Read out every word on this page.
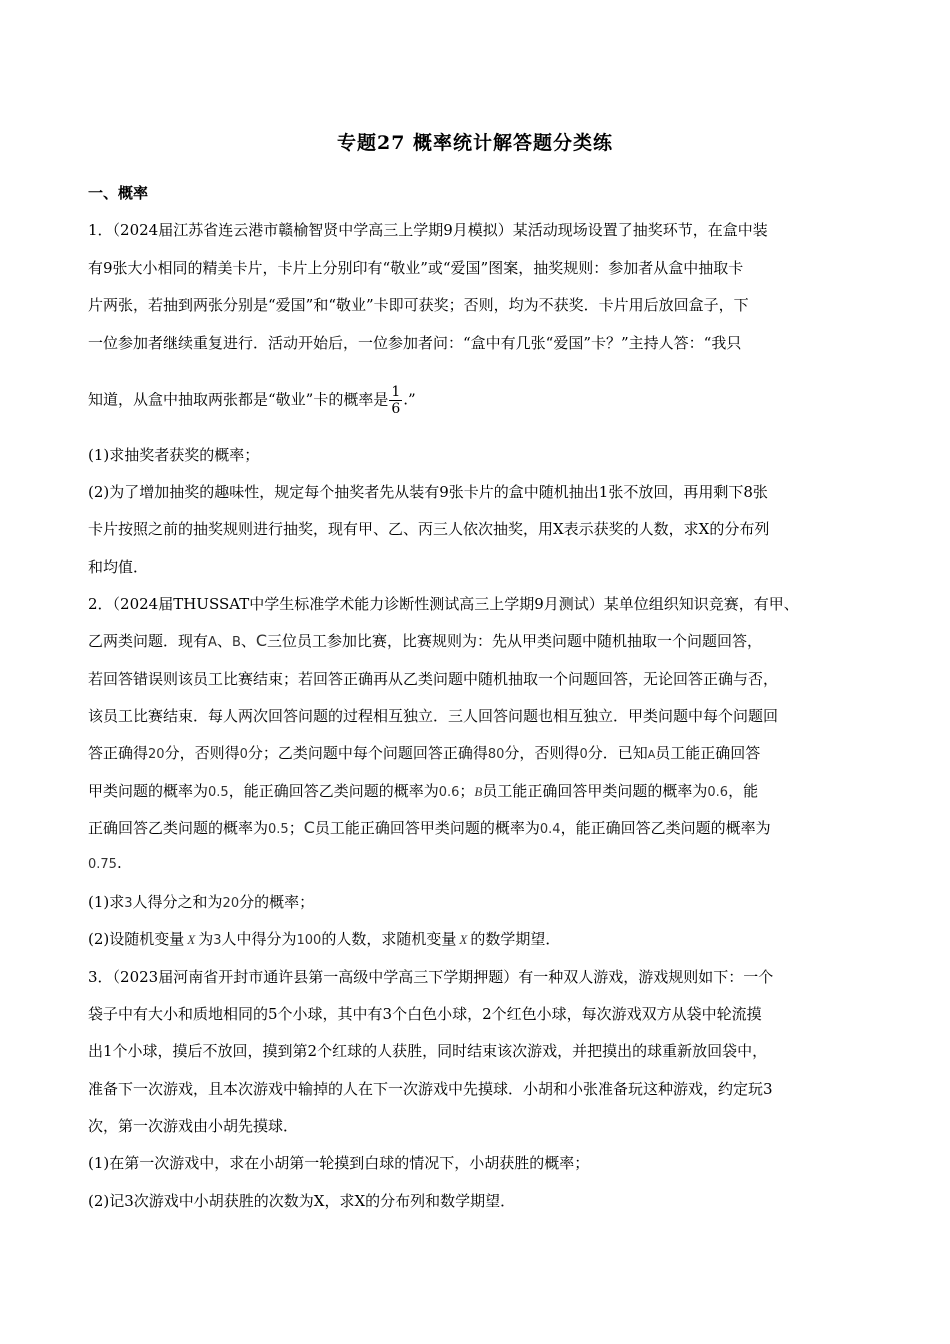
专题27 概率统计解答题分类练
一、概率
1．（2024届江苏省连云港市赣榆智贤中学高三上学期9月模拟）某活动现场设置了抽奖环节，在盒中装
有9张大小相同的精美卡片，卡片上分别印有“敬业”或“爱国”图案，抽奖规则：参加者从盒中抽取卡
片两张，若抽到两张分别是“爱国”和“敬业”卡即可获奖；否则，均为不获奖．卡片用后放回盒子，下
一位参加者继续重复进行．活动开始后，一位参加者问：“盒中有几张“爱国”卡？”主持人答：“我只
知道，从盒中抽取两张都是“敬业”卡的概率是 $\frac{1}{6}$ .”
(1)求抽奖者获奖的概率；
(2)为了增加抽奖的趣味性，规定每个抽奖者先从装有9张卡片的盒中随机抽出1张不放回，再用剩下8张
卡片按照之前的抽奖规则进行抽奖，现有甲、乙、丙三人依次抽奖，用X表示获奖的人数，求X的分布列
和均值．
2．（2024届THUSSAT中学生标准学术能力诊断性测试高三上学期9月测试）某单位组织知识竞赛，有甲、
乙两类问题．现有A、B、C三位员工参加比赛，比赛规则为：先从甲类问题中随机抽取一个问题回答，
若回答错误则该员工比赛结束；若回答正确再从乙类问题中随机抽取一个问题回答，无论回答正确与否，
该员工比赛结束．每人两次回答问题的过程相互独立．三人回答问题也相互独立．甲类问题中每个问题回
答正确得20分，否则得0分；乙类问题中每个问题回答正确得80分，否则得0分．已知A员工能正确回答
甲类问题的概率为0.5，能正确回答乙类问题的概率为0.6；B员工能正确回答甲类问题的概率为0.6，能
正确回答乙类问题的概率为0.5；C员工能正确回答甲类问题的概率为0.4，能正确回答乙类问题的概率为
0.75.
(1)求3人得分之和为20分的概率；
(2)设随机变量 X 为3人中得分为100的人数，求随机变量 X 的数学期望．
3．（2023届河南省开封市通许县第一高级中学高三下学期押题）有一种双人游戏，游戏规则如下：一个
袋子中有大小和质地相同的5个小球，其中有3个白色小球，2个红色小球，每次游戏双方从袋中轮流摸
出1个小球，摸后不放回，摸到第2个红球的人获胜，同时结束该次游戏，并把摸出的球重新放回袋中，
准备下一次游戏，且本次游戏中输掉的人在下一次游戏中先摸球．小胡和小张准备玩这种游戏，约定玩3
次，第一次游戏由小胡先摸球．
(1)在第一次游戏中，求在小胡第一轮摸到白球的情况下，小胡获胜的概率；
(2)记3次游戏中小胡获胜的次数为X，求X的分布列和数学期望．
